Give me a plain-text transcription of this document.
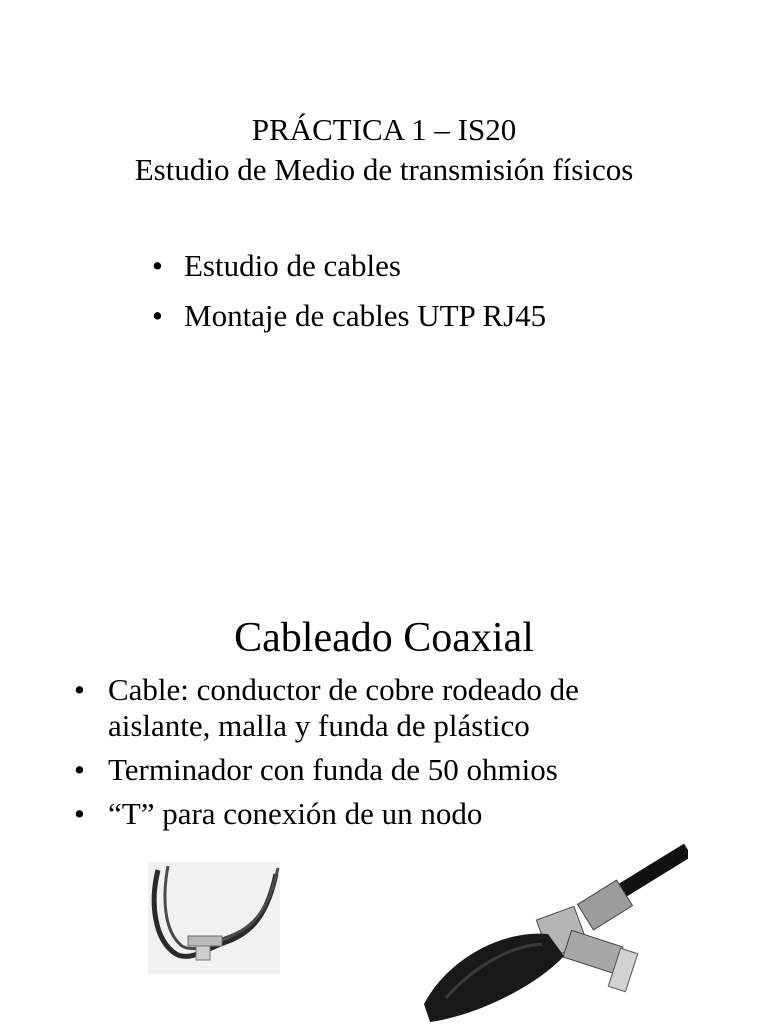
PRÁCTICA 1 – IS20
Estudio de Medio de transmisión físicos
• Estudio de cables
• Montaje de cables UTP RJ45
Cableado Coaxial
• Cable: conductor de cobre rodeado de
aislante, malla y funda de plástico
• Terminador con funda de 50 ohmios
• “T” para conexión de un nodo
